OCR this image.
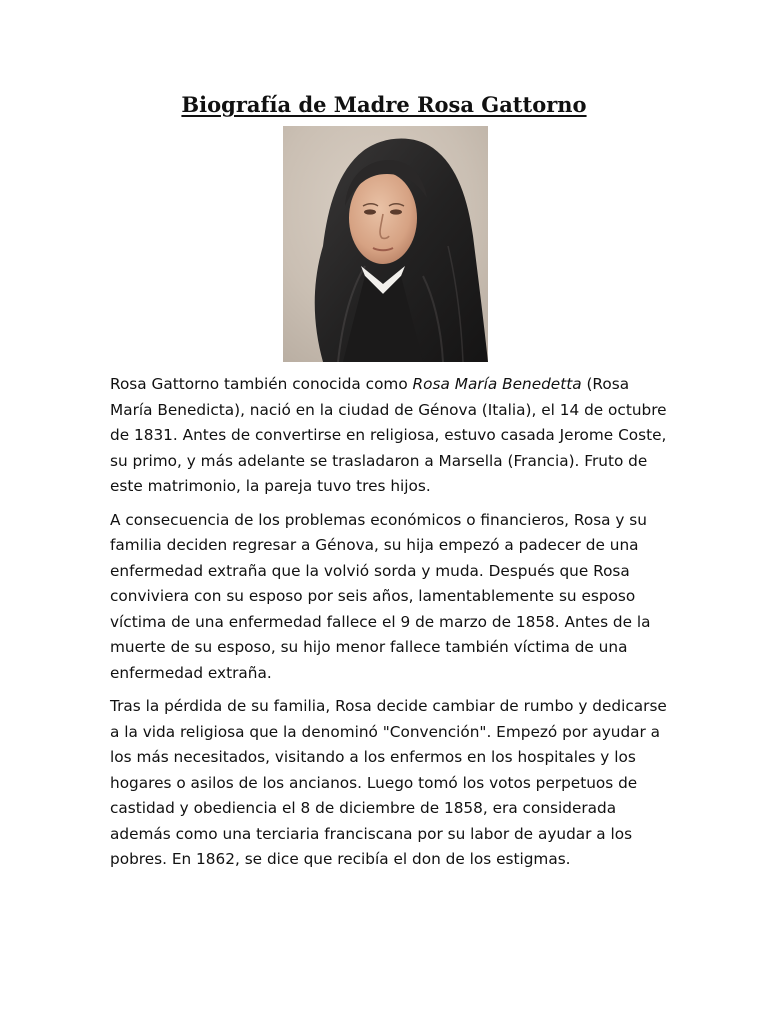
Biografía de Madre Rosa Gattorno

Rosa Gattorno también conocida como Rosa María Benedetta (Rosa María Benedicta), nació en la ciudad de Génova (Italia), el 14 de octubre de 1831. Antes de convertirse en religiosa, estuvo casada Jerome Coste, su primo, y más adelante se trasladaron a Marsella (Francia). Fruto de este matrimonio, la pareja tuvo tres hijos.

A consecuencia de los problemas económicos o financieros, Rosa y su familia deciden regresar a Génova, su hija empezó a padecer de una enfermedad extraña que la volvió sorda y muda. Después que Rosa conviviera con su esposo por seis años, lamentablemente su esposo víctima de una enfermedad fallece el 9 de marzo de 1858. Antes de la muerte de su esposo, su hijo menor fallece también víctima de una enfermedad extraña.

Tras la pérdida de su familia, Rosa decide cambiar de rumbo y dedicarse a la vida religiosa que la denominó "Convención". Empezó por ayudar a los más necesitados, visitando a los enfermos en los hospitales y los hogares o asilos de los ancianos. Luego tomó los votos perpetuos de castidad y obediencia el 8 de diciembre de 1858, era considerada además como una terciaria franciscana por su labor de ayudar a los pobres. En 1862, se dice que recibía el don de los estigmas.
